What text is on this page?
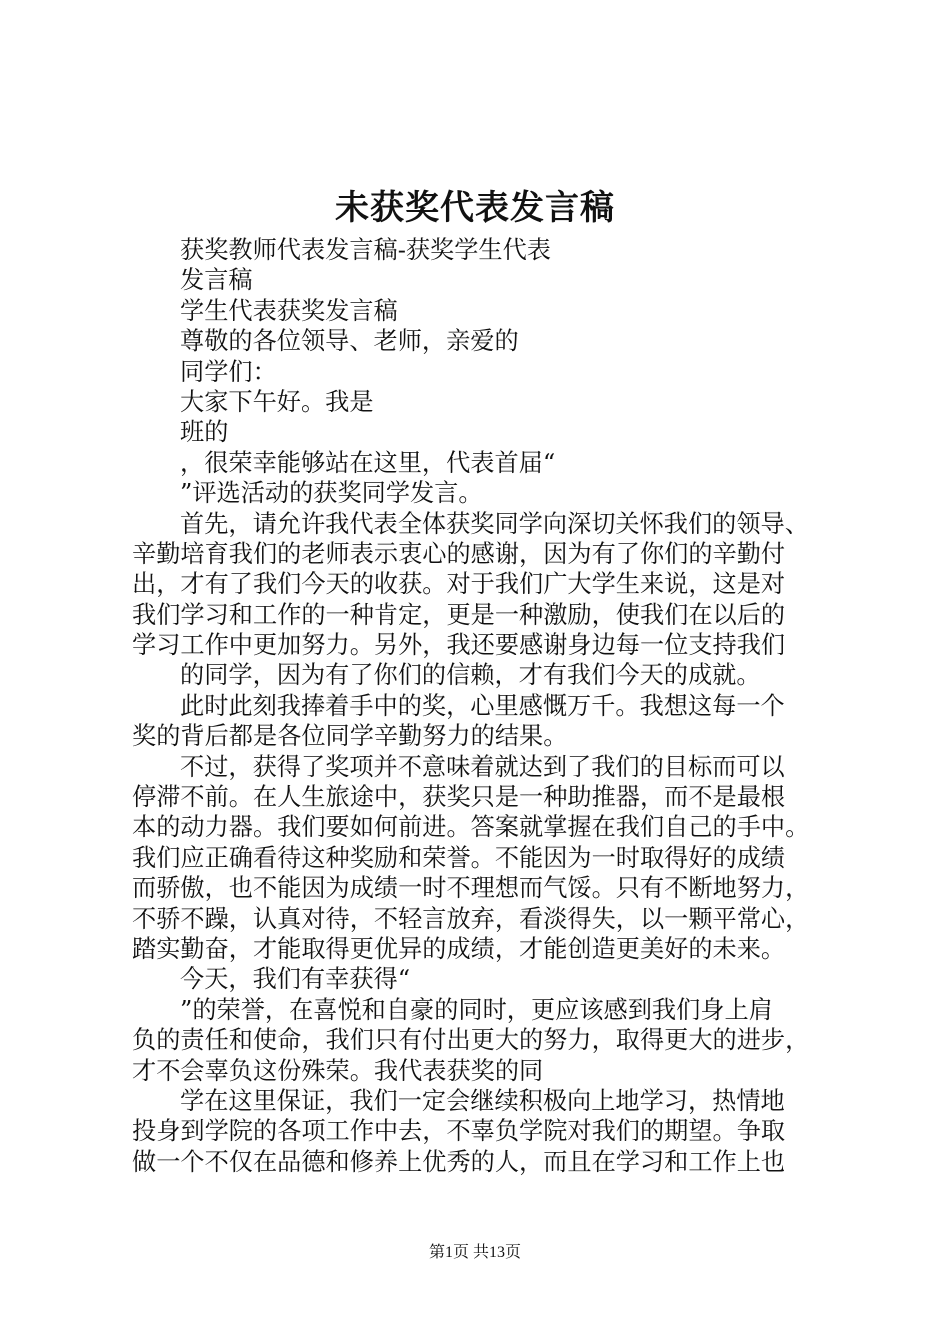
未获奖代表发言稿
获奖教师代表发言稿-获奖学生代表
发言稿
学生代表获奖发言稿
尊敬的各位领导、老师，亲爱的
同学们：
大家下午好。我是
班的
，很荣幸能够站在这里，代表首届“
”评选活动的获奖同学发言。
首先，请允许我代表全体获奖同学向深切关怀我们的领导、
辛勤培育我们的老师表示衷心的感谢，因为有了你们的辛勤付
出，才有了我们今天的收获。对于我们广大学生来说，这是对
我们学习和工作的一种肯定，更是一种激励，使我们在以后的
学习工作中更加努力。另外，我还要感谢身边每一位支持我们
的同学，因为有了你们的信赖，才有我们今天的成就。
此时此刻我捧着手中的奖，心里感慨万千。我想这每一个
奖的背后都是各位同学辛勤努力的结果。
不过，获得了奖项并不意味着就达到了我们的目标而可以
停滞不前。在人生旅途中，获奖只是一种助推器，而不是最根
本的动力器。我们要如何前进。答案就掌握在我们自己的手中。
我们应正确看待这种奖励和荣誉。不能因为一时取得好的成绩
而骄傲，也不能因为成绩一时不理想而气馁。只有不断地努力，
不骄不躁，认真对待，不轻言放弃，看淡得失，以一颗平常心，
踏实勤奋，才能取得更优异的成绩，才能创造更美好的未来。
今天，我们有幸获得“
”的荣誉，在喜悦和自豪的同时，更应该感到我们身上肩
负的责任和使命，我们只有付出更大的努力，取得更大的进步，
才不会辜负这份殊荣。我代表获奖的同
学在这里保证，我们一定会继续积极向上地学习，热情地
投身到学院的各项工作中去，不辜负学院对我们的期望。争取
做一个不仅在品德和修养上优秀的人，而且在学习和工作上也
第1页 共13页
